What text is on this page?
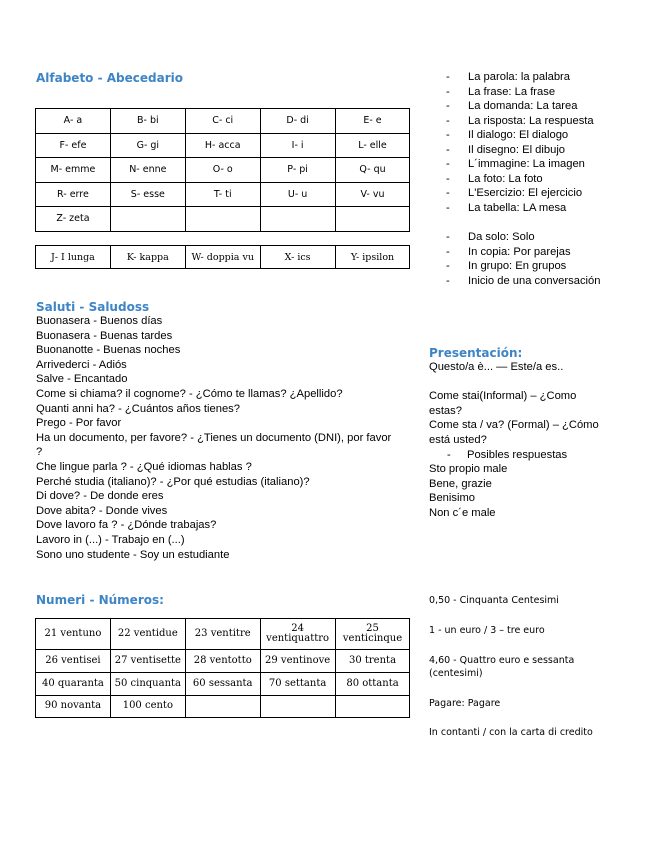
Alfabeto - Abecedario
A- a	B- bi	C- ci	D- di	E- e
F- efe	G- gi	H- acca	I- i	L- elle
M- emme	N- enne	O- o	P- pi	Q- qu
R- erre	S- esse	T- ti	U- u	V- vu
Z- zeta				
J- I lunga	K- kappa	W- doppia vu	X- ics	Y- ipsilon
-	La parola: la palabra
-	La frase: La frase
-	La domanda: La tarea
-	La risposta: La respuesta
-	Il dialogo: El dialogo
-	Il disegno: El dibujo
-	L´immagine: La imagen
-	La foto: La foto
-	L'Esercizio: El ejercicio
-	La tabella: LA mesa
-	Da solo: Solo
-	In copia: Por parejas
-	In grupo: En grupos
-	Inicio de una conversación
Saluti - Saludoss
Buonasera - Buenos días
Buonasera - Buenas tardes
Buonanotte - Buenas noches
Arrivederci - Adiós
Salve - Encantado
Come si chiama? il cognome? - ¿Cómo te llamas? ¿Apellido?
Quanti anni ha? - ¿Cuántos años tienes?
Prego - Por favor
Ha un documento, per favore? - ¿Tienes un documento (DNI), por favor
?
Che lingue parla ? - ¿Qué idiomas hablas ?
Perché studia (italiano)? - ¿Por qué estudias (italiano)?
Di dove? - De donde eres
Dove abita? - Donde vives
Dove lavoro fa ? - ¿Dónde trabajas?
Lavoro in (...) - Trabajo en (...)
Sono uno studente - Soy un estudiante
Presentación:
Questo/a è... — Este/a es..
Come stai(Informal) – ¿Como
estas?
Come sta / va? (Formal) – ¿Cómo
está usted?
- Posibles respuestas
Sto propio male
Bene, grazie
Benisimo
Non c´e male
Numeri - Números:
21 ventuno	22 ventidue	23 ventitre	24 ventiquattro	25 venticinque
26 ventisei	27 ventisette	28 ventotto	29 ventinove	30 trenta
40 quaranta	50 cinquanta	60 sessanta	70 settanta	80 ottanta
90 novanta	100 cento			
0,50 - Cinquanta Centesimi
1 - un euro / 3 – tre euro
4,60 - Quattro euro e sessanta
(centesimi)
Pagare: Pagare
In contanti / con la carta di credito
